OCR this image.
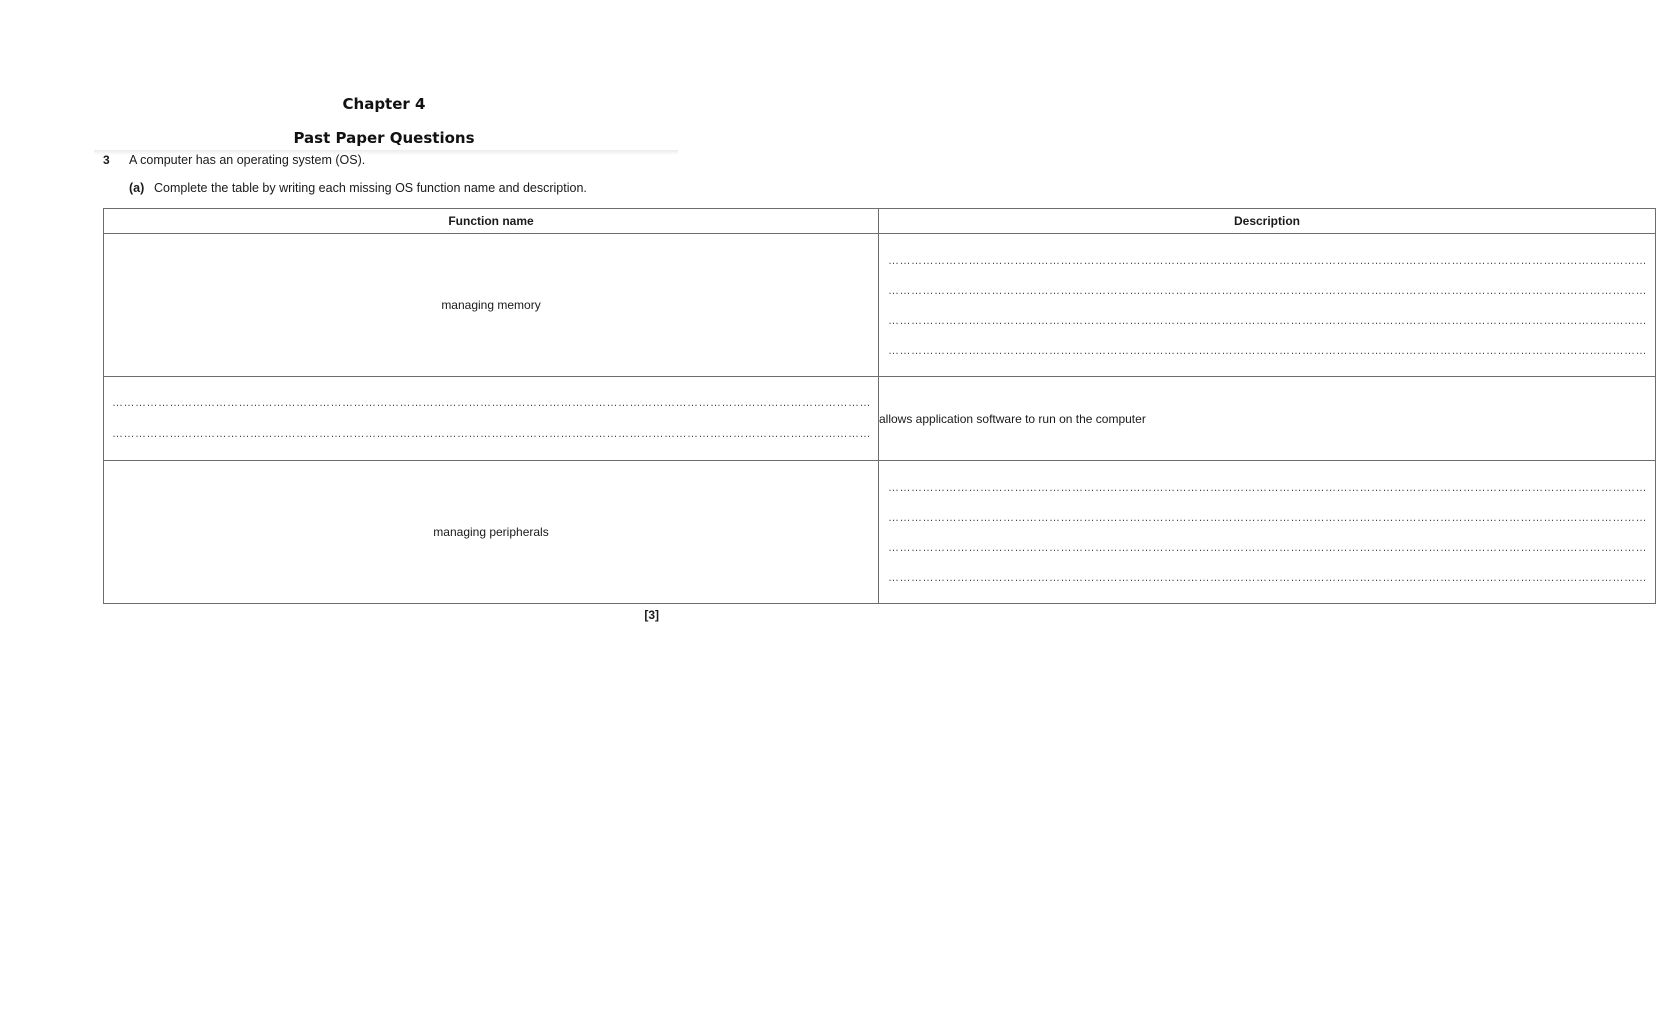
Chapter 4
Past Paper Questions
3 A computer has an operating system (OS).
(a) Complete the table by writing each missing OS function name and description.
Function name	Description
managing memory	………………………………………………………………………………………………………………………………………………………………………………
………………………………………………………………………………………………………………………………………………………………………………
………………………………………………………………………………………………………………………………………………………………………………
………………………………………………………………………………………………………………………………………………………………………………

………………………………………………………………………………………………………………………………………………………………………………
………………………………………………………………………………………………………………………………………………………………………………	allows application software to run on the computer
managing peripherals	………………………………………………………………………………………………………………………………………………………………………………
………………………………………………………………………………………………………………………………………………………………………………
………………………………………………………………………………………………………………………………………………………………………………
………………………………………………………………………………………………………………………………………………………………………………
[3]
